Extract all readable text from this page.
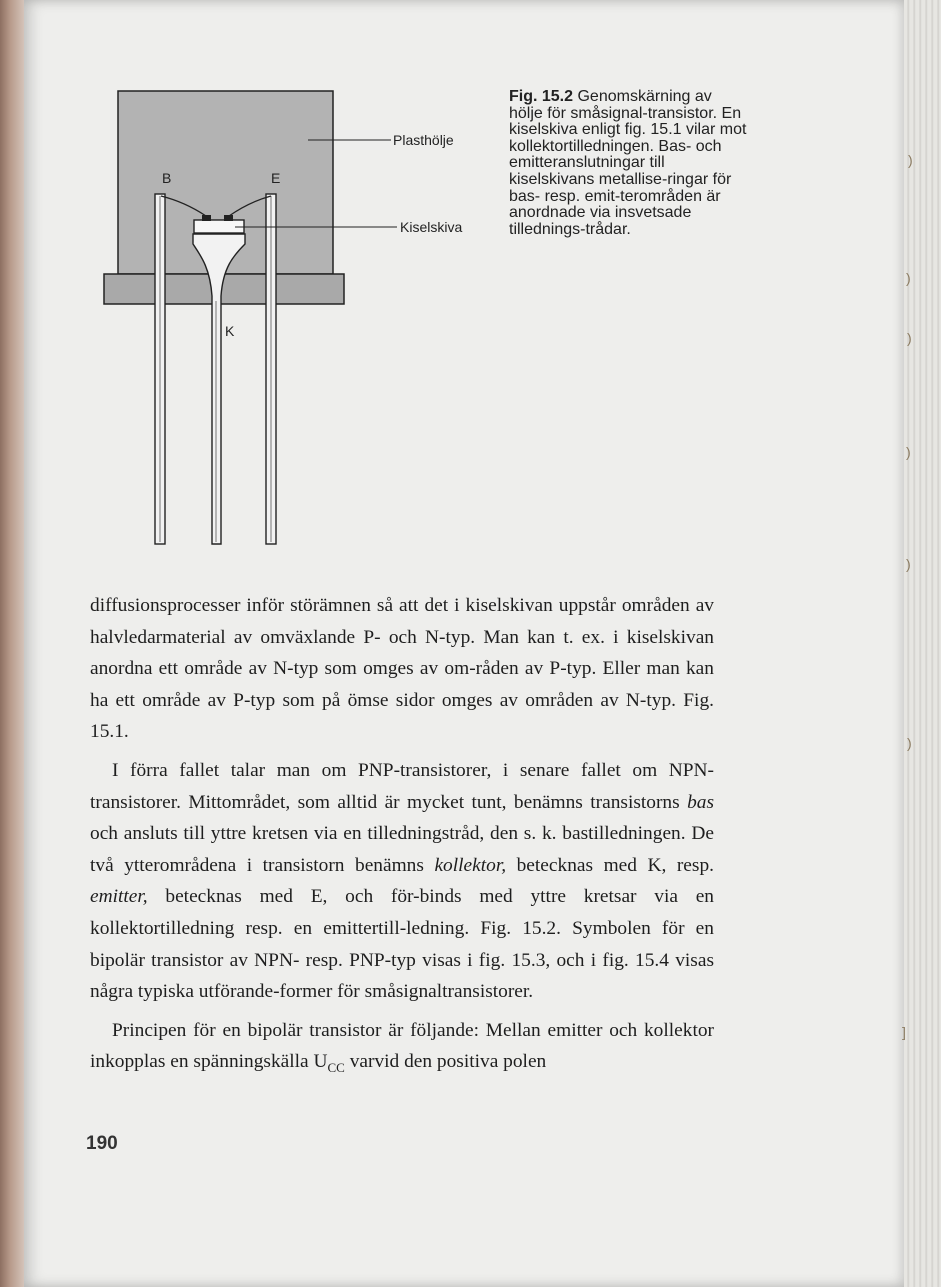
)
)
)
)
)
)
]
Plasthölje
Kiselskiva
B	E
K
Fig. 15.2 Genomskärning av hölje för småsignal-transistor. En kiselskiva enligt fig. 15.1 vilar mot kollektortilledningen. Bas- och emitteranslutningar till kiselskivans metallise-ringar för bas- resp. emit-terområden är anordnade via insvetsade tillednings-trådar.

diffusionsprocesser inför störämnen så att det i kiselskivan uppstår områden av halvledarmaterial av omväxlande P- och N-typ. Man kan t. ex. i kiselskivan anordna ett område av N-typ som omges av om-råden av P-typ. Eller man kan ha ett område av P-typ som på ömse sidor omges av områden av N-typ. Fig. 15.1.

I förra fallet talar man om PNP-transistorer, i senare fallet om NPN-transistorer. Mittområdet, som alltid är mycket tunt, benämns transistorns bas och ansluts till yttre kretsen via en tilledningstråd, den s. k. bastilledningen. De två ytterområdena i transistorn benämns kollektor, betecknas med K, resp. emitter, betecknas med E, och för-binds med yttre kretsar via en kollektortilledning resp. en emittertill-ledning. Fig. 15.2. Symbolen för en bipolär transistor av NPN- resp. PNP-typ visas i fig. 15.3, och i fig. 15.4 visas några typiska utförande-former för småsignaltransistorer.

Principen för en bipolär transistor är följande: Mellan emitter och kollektor inkopplas en spänningskälla $U_{CC}$ varvid den positiva polen

190
